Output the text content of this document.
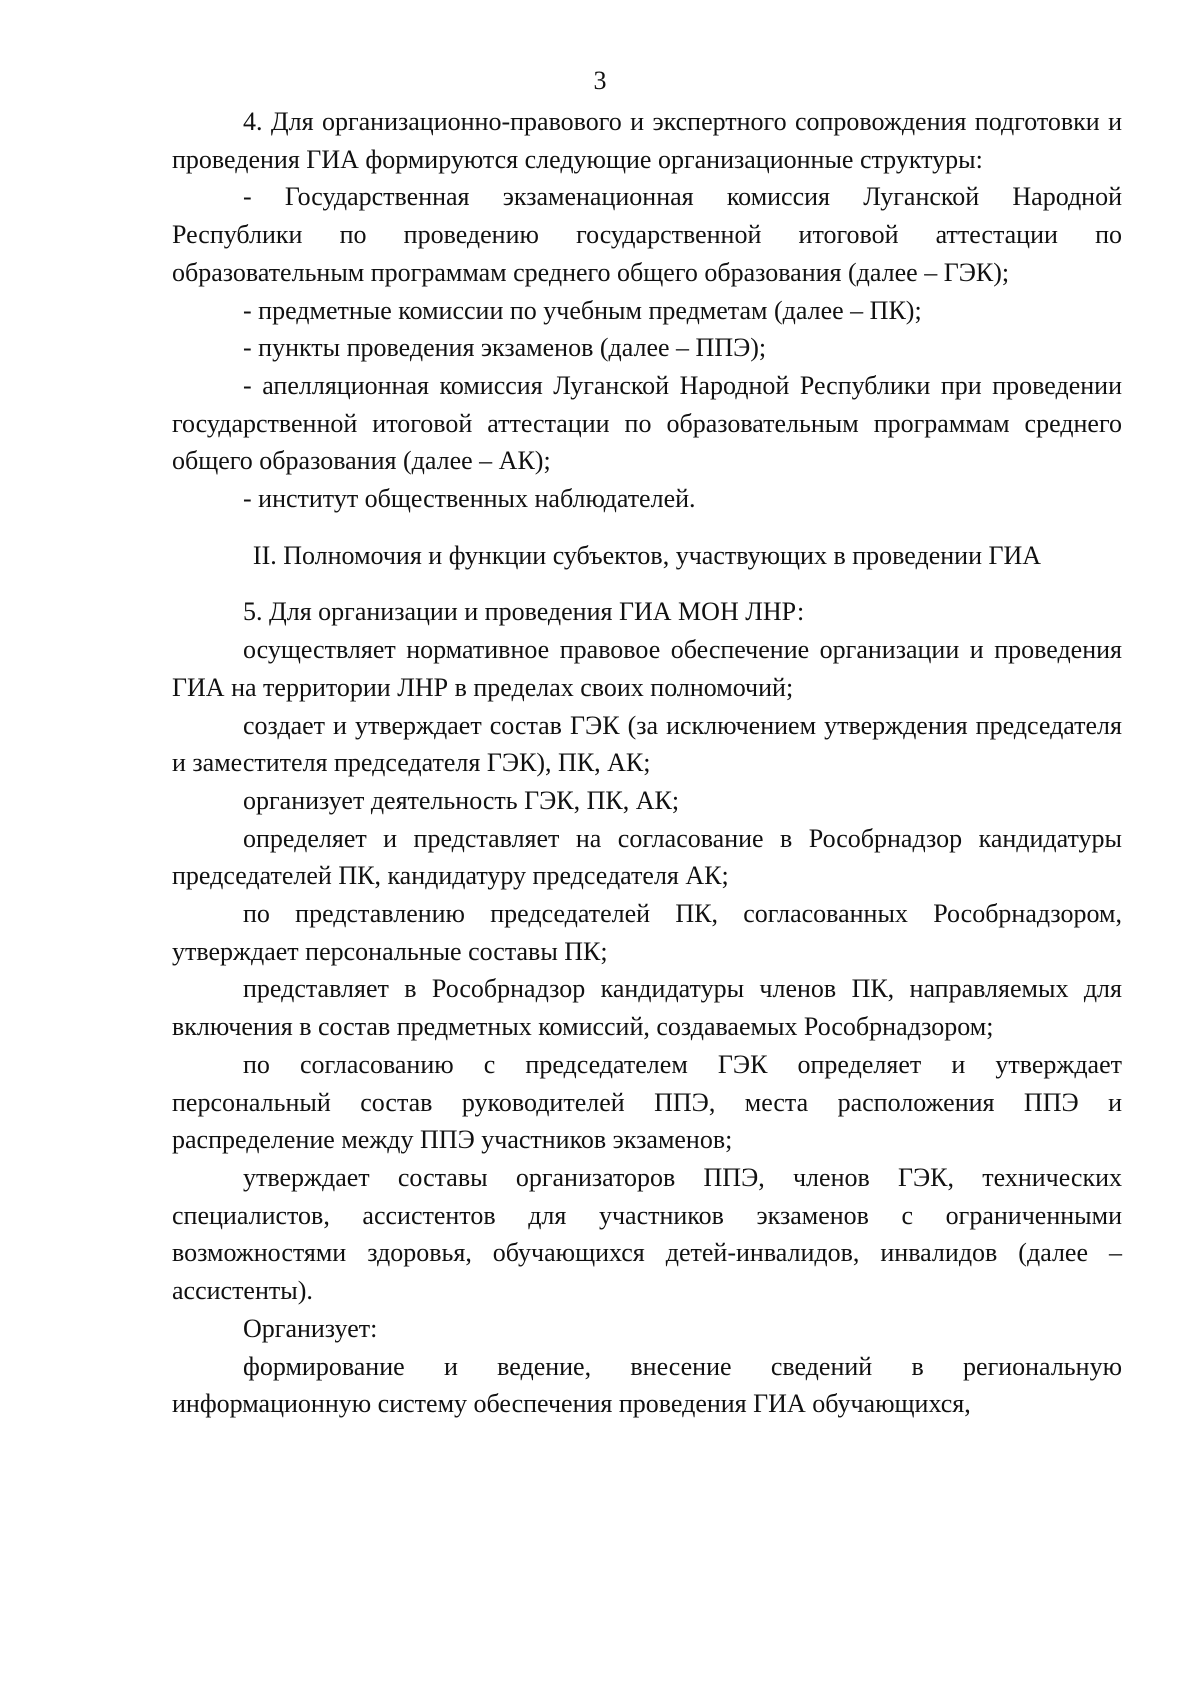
3

4. Для организационно-правового и экспертного сопровождения подготовки и проведения ГИА формируются следующие организационные структуры:

- Государственная экзаменационная комиссия Луганской Народной Республики по проведению государственной итоговой аттестации по образовательным программам среднего общего образования (далее – ГЭК);

- предметные комиссии по учебным предметам (далее – ПК);

- пункты проведения экзаменов (далее – ППЭ);

- апелляционная комиссия Луганской Народной Республики при проведении государственной итоговой аттестации по образовательным программам среднего общего образования (далее – АК);

- институт общественных наблюдателей.

II. Полномочия и функции субъектов, участвующих в проведении ГИА

5. Для организации и проведения ГИА МОН ЛНР:

осуществляет нормативное правовое обеспечение организации и проведения ГИА на территории ЛНР в пределах своих полномочий;

создает и утверждает состав ГЭК (за исключением утверждения председателя и заместителя председателя ГЭК), ПК, АК;

организует деятельность ГЭК, ПК, АК;

определяет и представляет на согласование в Рособрнадзор кандидатуры председателей ПК, кандидатуру председателя АК;

по представлению председателей ПК, согласованных Рособрнадзором, утверждает персональные составы ПК;

представляет в Рособрнадзор кандидатуры членов ПК, направляемых для включения в состав предметных комиссий, создаваемых Рособрнадзором;

по согласованию с председателем ГЭК определяет и утверждает персональный состав руководителей ППЭ, места расположения ППЭ и распределение между ППЭ участников экзаменов;

утверждает составы организаторов ППЭ, членов ГЭК, технических специалистов, ассистентов для участников экзаменов с ограниченными возможностями здоровья, обучающихся детей-инвалидов, инвалидов (далее – ассистенты).

Организует:

формирование и ведение, внесение сведений в региональную информационную систему обеспечения проведения ГИА обучающихся,
